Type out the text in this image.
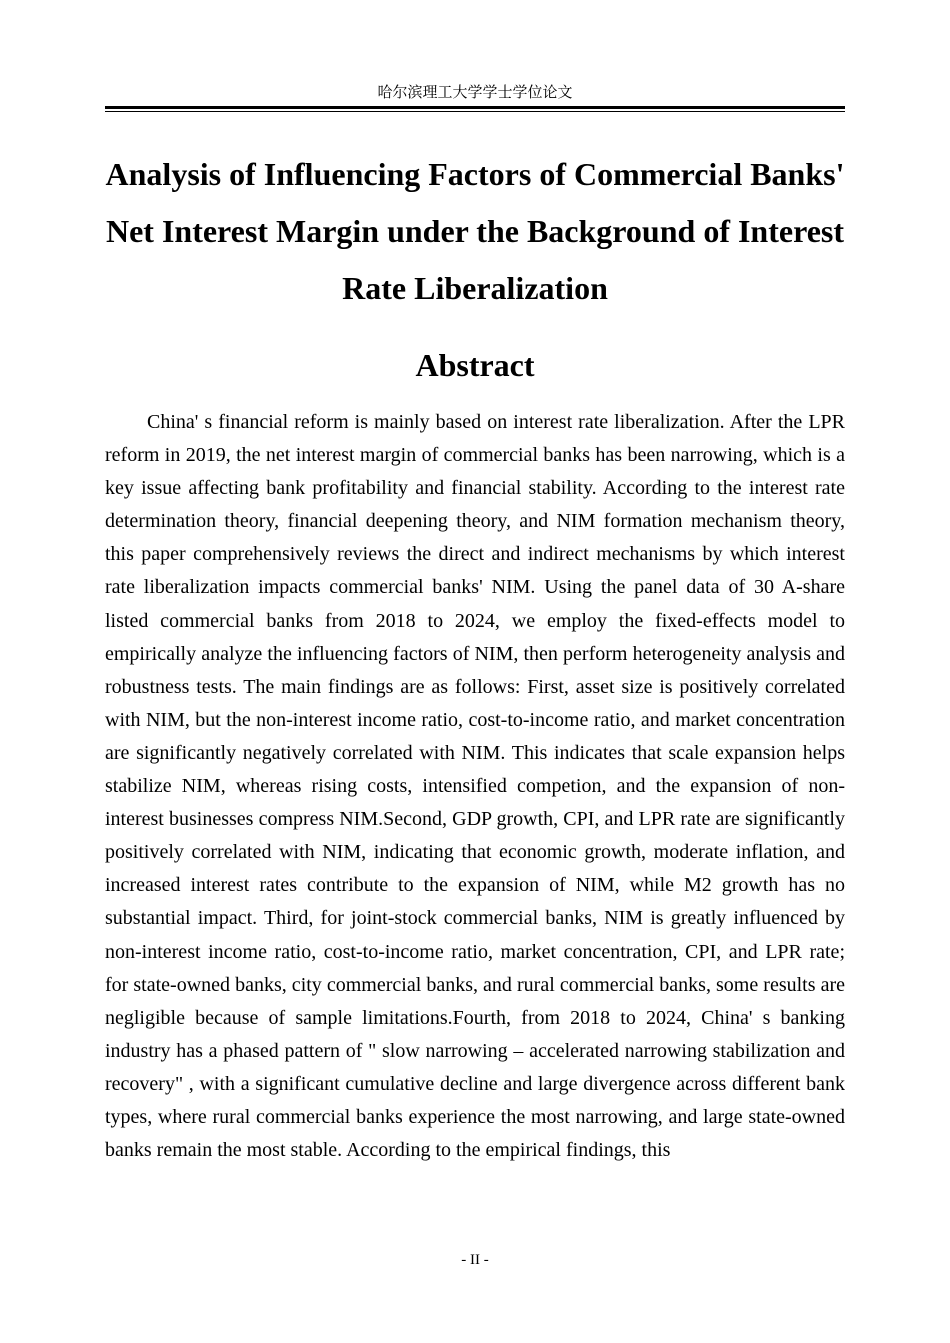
哈尔滨理工大学学士学位论文
Analysis of Influencing Factors of Commercial Banks' Net Interest Margin under the Background of Interest Rate Liberalization
Abstract

China' s financial reform is mainly based on interest rate liberalization. After the LPR reform in 2019, the net interest margin of commercial banks has been narrowing, which is a key issue affecting bank profitability and financial stability. According to the interest rate determination theory, financial deepening theory, and NIM formation mechanism theory, this paper comprehensively reviews the direct and indirect mechanisms by which interest rate liberalization impacts commercial banks' NIM. Using the panel data of 30 A-share listed commercial banks from 2018 to 2024, we employ the fixed-effects model to empirically analyze the influencing factors of NIM, then perform heterogeneity analysis and robustness tests. The main findings are as follows: First, asset size is positively correlated with NIM, but the non-interest income ratio, cost-to-income ratio, and market concentration are significantly negatively correlated with NIM. This indicates that scale expansion helps stabilize NIM, whereas rising costs, intensified competion, and the expansion of non-interest businesses compress NIM.Second, GDP growth, CPI, and LPR rate are significantly positively correlated with NIM, indicating that economic growth, moderate inflation, and increased interest rates contribute to the expansion of NIM, while M2 growth has no substantial impact. Third, for joint-stock commercial banks, NIM is greatly influenced by non-interest income ratio, cost-to-income ratio, market concentration, CPI, and LPR rate; for state-owned banks, city commercial banks, and rural commercial banks, some results are negligible because of sample limitations.Fourth, from 2018 to 2024, China' s banking industry has a phased pattern of " slow narrowing – accelerated narrowing stabilization and recovery" , with a significant cumulative decline and large divergence across different bank types, where rural commercial banks experience the most narrowing, and large state-owned banks remain the most stable. According to the empirical findings, this

- II -
